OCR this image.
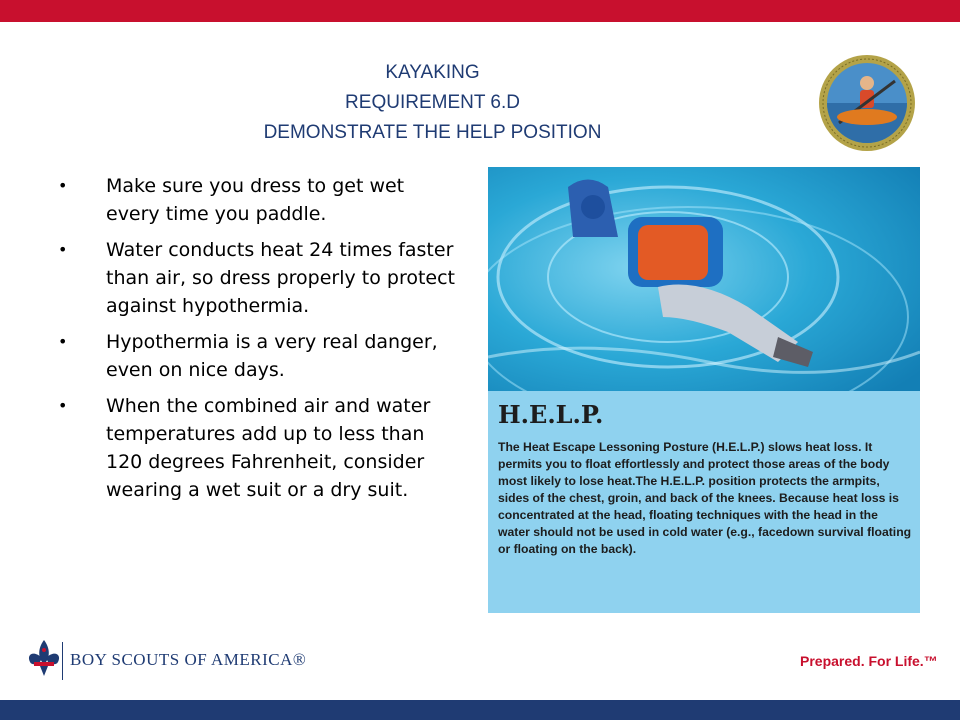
KAYAKING
REQUIREMENT 6.D
DEMONSTRATE THE HELP POSITION
• Make sure you dress to get wet every time you paddle.
• Water conducts heat 24 times faster than air, so dress properly to protect against hypothermia.
• Hypothermia is a very real danger, even on nice days.
• When the combined air and water temperatures add up to less than 120 degrees Fahrenheit, consider wearing a wet suit or a dry suit.
H.E.L.P.
The Heat Escape Lessoning Posture (H.E.L.P.) slows heat loss. It permits you to float effortlessly and protect those areas of the body most likely to lose heat.The H.E.L.P. position protects the armpits, sides of the chest, groin, and back of the knees. Because heat loss is concentrated at the head, floating techniques with the head in the water should not be used in cold water (e.g., facedown survival floating or floating on the back).
BOY SCOUTS OF AMERICA®	Prepared. For Life.™
